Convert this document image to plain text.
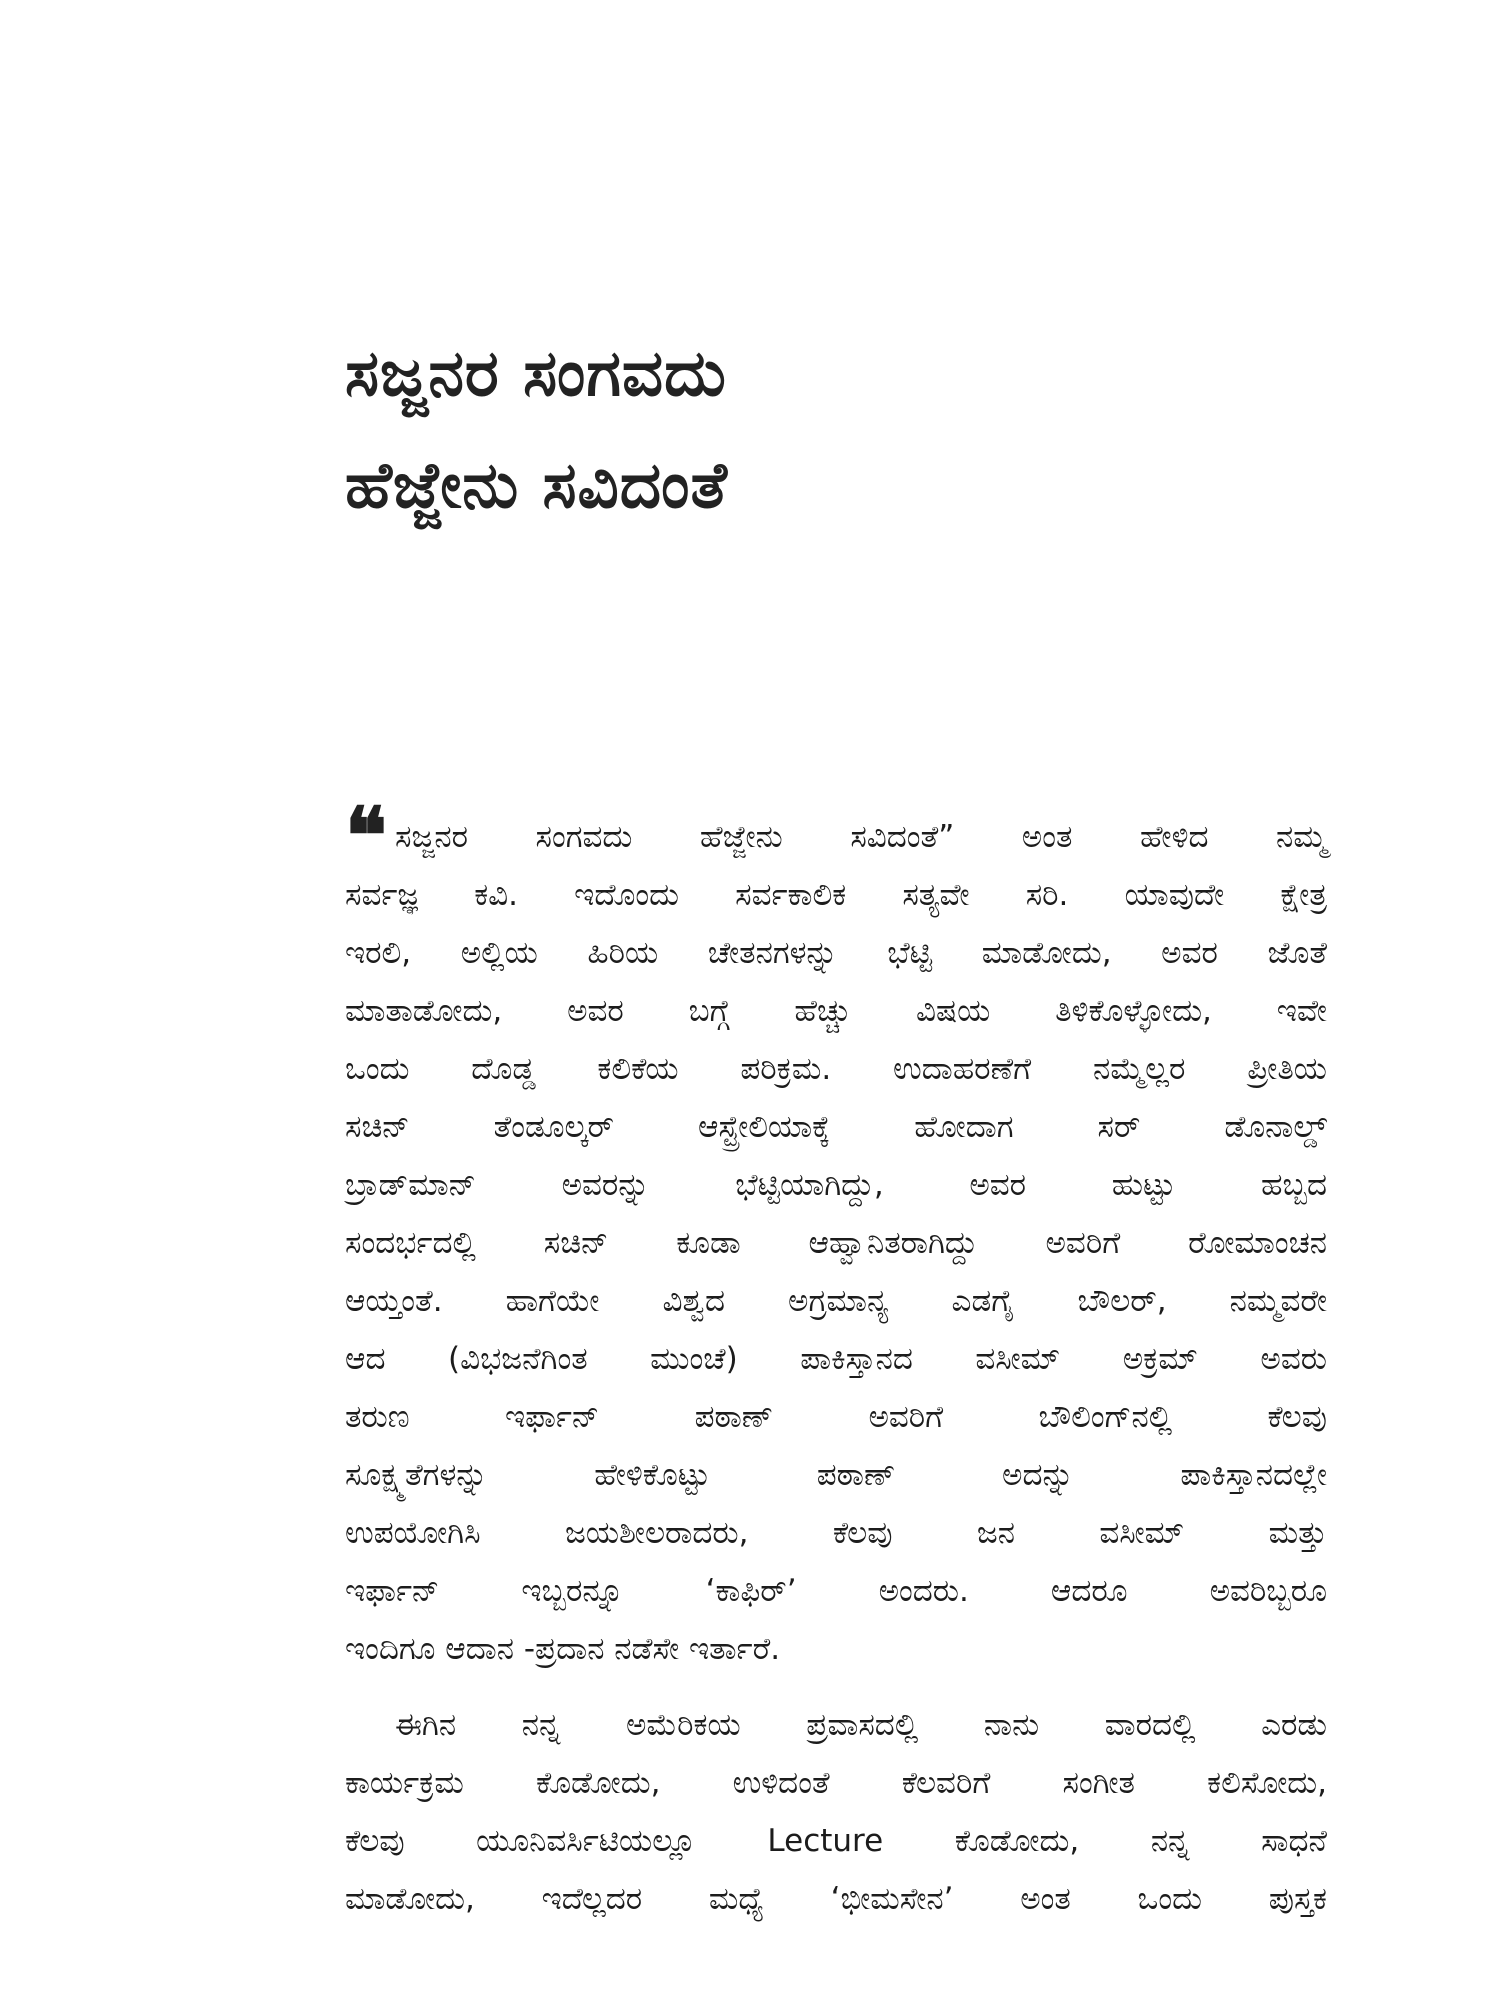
ಸಜ್ಜನರ ಸಂಗವದು
ಹೆಜ್ಜೇನು ಸವಿದಂತೆ
❝ ಸಜ್ಜನರ ಸಂಗವದು ಹೆಜ್ಜೇನು ಸವಿದಂತೆ” ಅಂತ ಹೇಳಿದ ನಮ್ಮ
ಸರ್ವಜ್ಞ ಕವಿ. ಇದೊಂದು ಸರ್ವಕಾಲಿಕ ಸತ್ಯವೇ ಸರಿ. ಯಾವುದೇ ಕ್ಷೇತ್ರ
ಇರಲಿ, ಅಲ್ಲಿಯ ಹಿರಿಯ ಚೇತನಗಳನ್ನು ಭೆಟ್ಟಿ ಮಾಡೋದು, ಅವರ ಜೊತೆ
ಮಾತಾಡೋದು, ಅವರ ಬಗ್ಗೆ ಹೆಚ್ಚು ವಿಷಯ ತಿಳಿಕೊಳ್ಳೋದು, ಇವೇ
ಒಂದು ದೊಡ್ಡ ಕಲಿಕೆಯ ಪರಿಕ್ರಮ. ಉದಾಹರಣೆಗೆ ನಮ್ಮೆಲ್ಲರ ಪ್ರೀತಿಯ
ಸಚಿನ್ ತೆಂಡೂಲ್ಕರ್ ಆಸ್ಟ್ರೇಲಿಯಾಕ್ಕೆ ಹೋದಾಗ ಸರ್ ಡೊನಾಲ್ಡ್
ಬ್ರಾಡ್‌ಮಾನ್ ಅವರನ್ನು ಭೆಟ್ಟಿಯಾಗಿದ್ದು, ಅವರ ಹುಟ್ಟು ಹಬ್ಬದ
ಸಂದರ್ಭದಲ್ಲಿ ಸಚಿನ್ ಕೂಡಾ ಆಹ್ವಾನಿತರಾಗಿದ್ದು ಅವರಿಗೆ ರೋಮಾಂಚನ
ಆಯ್ತಂತೆ. ಹಾಗೆಯೇ ವಿಶ್ವದ ಅಗ್ರಮಾನ್ಯ ಎಡಗೈ ಬೌಲರ್, ನಮ್ಮವರೇ
ಆದ (ವಿಭಜನೆಗಿಂತ ಮುಂಚೆ) ಪಾಕಿಸ್ತಾನದ ವಸೀಮ್ ಅಕ್ರಮ್ ಅವರು
ತರುಣ ಇರ್ಫಾನ್ ಪಠಾಣ್ ಅವರಿಗೆ ಬೌಲಿಂಗ್‌ನಲ್ಲಿ ಕೆಲವು
ಸೂಕ್ಷ್ಮತೆಗಳನ್ನು ಹೇಳಿಕೊಟ್ಟು ಪಠಾಣ್ ಅದನ್ನು ಪಾಕಿಸ್ತಾನದಲ್ಲೇ
ಉಪಯೋಗಿಸಿ ಜಯಶೀಲರಾದರು, ಕೆಲವು ಜನ ವಸೀಮ್ ಮತ್ತು
ಇರ್ಫಾನ್ ಇಬ್ಬರನ್ನೂ ‘ಕಾಫಿರ್’ ಅಂದರು. ಆದರೂ ಅವರಿಬ್ಬರೂ
ಇಂದಿಗೂ ಆದಾನ -ಪ್ರದಾನ ನಡೆಸೇ ಇರ್ತಾರೆ.
ಈಗಿನ ನನ್ನ ಅಮೆರಿಕಯ ಪ್ರವಾಸದಲ್ಲಿ ನಾನು ವಾರದಲ್ಲಿ ಎರಡು
ಕಾರ್ಯಕ್ರಮ ಕೊಡೋದು, ಉಳಿದಂತೆ ಕೆಲವರಿಗೆ ಸಂಗೀತ ಕಲಿಸೋದು,
ಕೆಲವು ಯೂನಿವರ್ಸಿಟಿಯಲ್ಲೂ Lecture ಕೊಡೋದು, ನನ್ನ ಸಾಧನೆ
ಮಾಡೋದು, ಇದೆಲ್ಲದರ ಮಧ್ಯೆ ‘ಭೀಮಸೇನ’ ಅಂತ ಒಂದು ಪುಸ್ತಕ
